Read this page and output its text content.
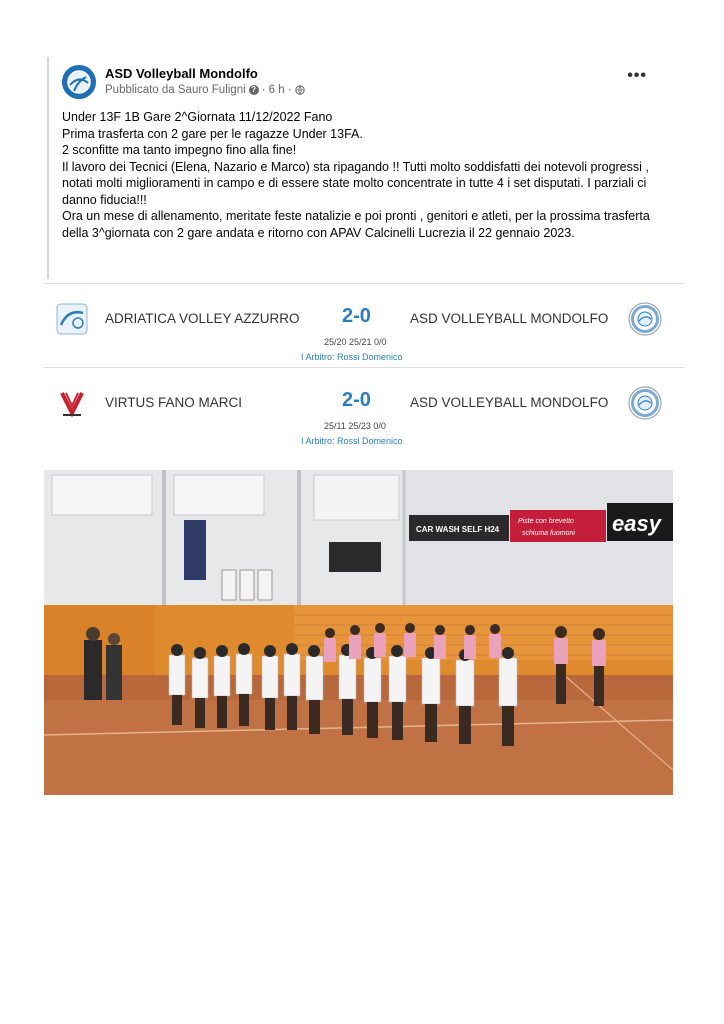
ASD Volleyball Mondolfo
Pubblicato da Sauro Fuligni ? · 6 h ·
•••

Under 13F 1B Gare 2^Giornata 11/12/2022 Fano

Prima trasferta con 2 gare per le ragazze Under 13FA.

2 sconfitte ma tanto impegno fino alla fine!

Il lavoro dei Tecnici (Elena, Nazario e Marco) sta ripagando !! Tutti molto soddisfatti dei notevoli progressi , notati molti miglioramenti in campo e di essere state molto concentrate in tutte 4 i set disputati. I parziali ci danno fiducia!!!

Ora un mese di allenamento, meritate feste natalizie e poi pronti , genitori e atleti, per la prossima trasferta della 3^giornata con 2 gare andata e ritorno con APAV Calcinelli Lucrezia il 22 gennaio 2023.

ADRIATICA VOLLEY AZZURRO 2-0	ASD VOLLEYBALL MONDOLFO
25/20 25/21 0/0
I Arbitro: Rossi Domenico
VIRTUS FANO MARCI	2-0	ASD VOLLEYBALL MONDOLFO
25/11 25/23 0/0
I Arbitro: Rossi Domenico
CAR WASH SELF H24
Piste con brevetto
schiuma fuomoni easy
